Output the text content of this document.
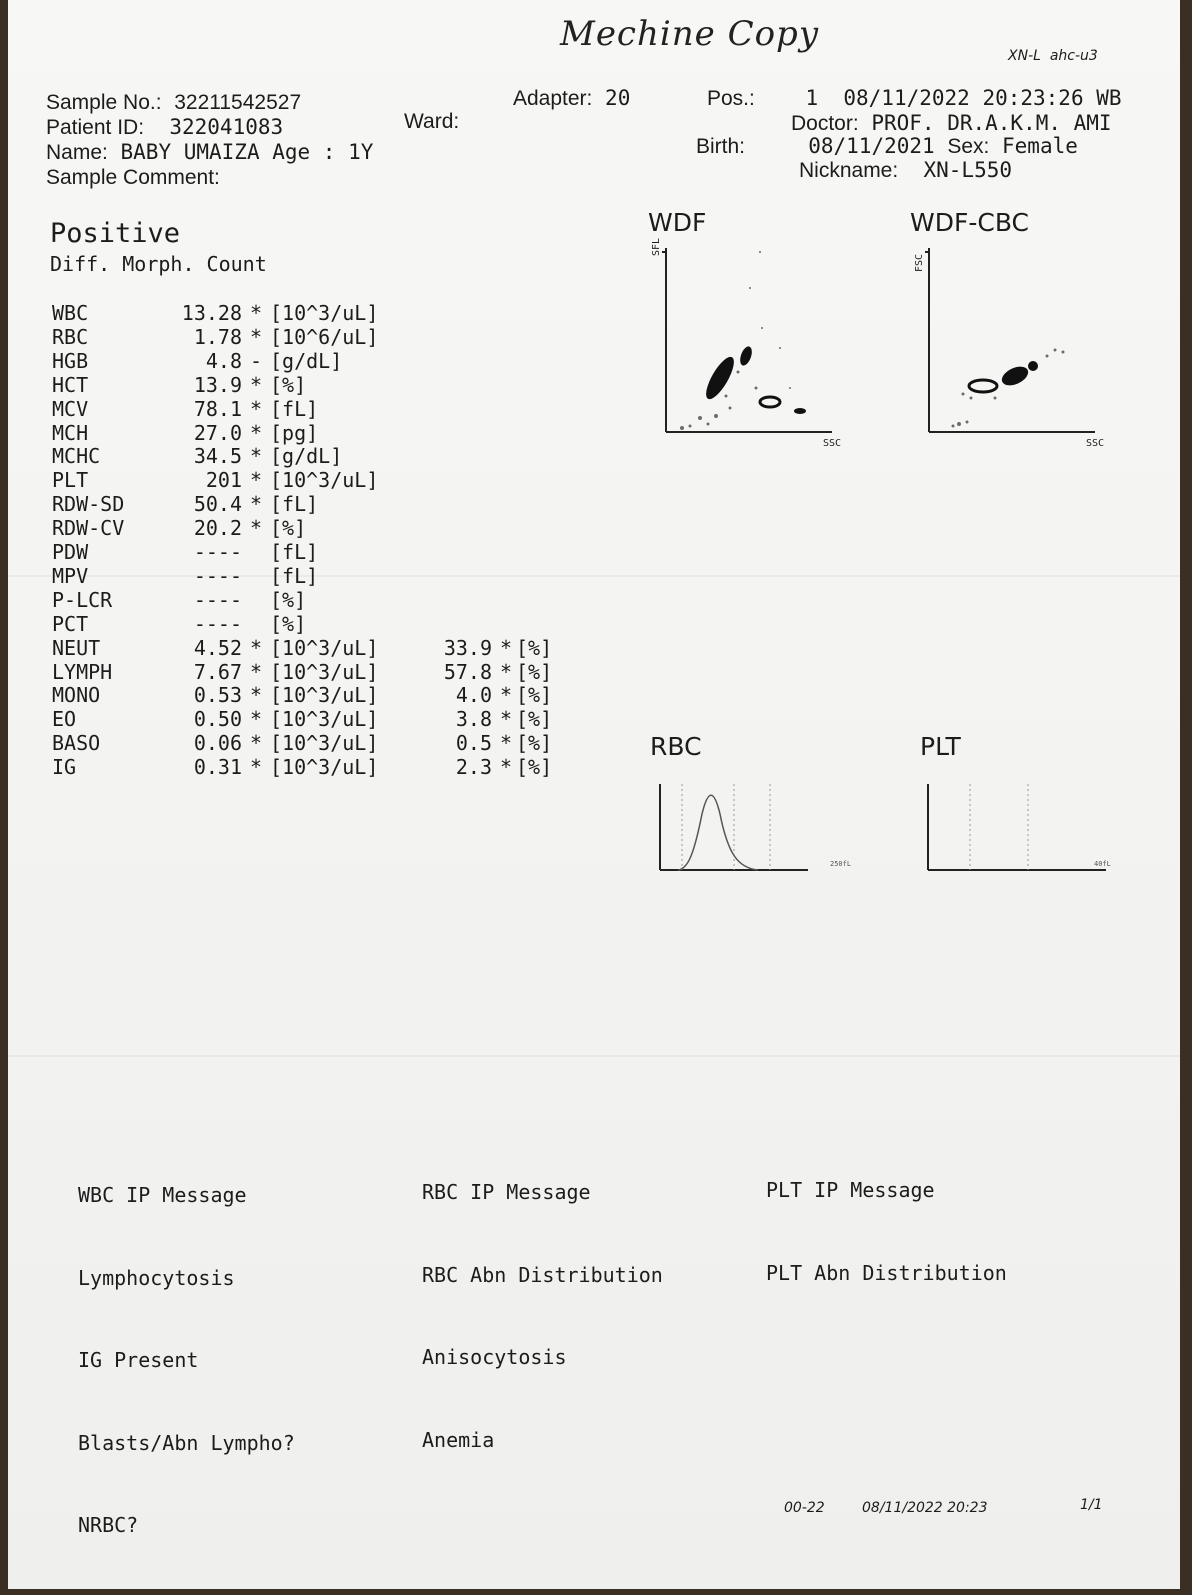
Mechine Copy
XN-L  ahc-u3
Sample No.: 32211542527
Patient ID: 322041083
Name: BABY UMAIZA Age : 1Y
Sample Comment:
Adapter: 20
Ward:
Pos.: 1  08/11/2022 20:23:26 WB
Doctor: PROF. DR.A.K.M. AMI
Birth:	08/11/2021 Sex: Female
Nickname: XN-L550
Positive
Diff. Morph. Count
WBC	13.28 * [10^3/uL]
RBC	1.78 * [10^6/uL]
HGB	4.8 - [g/dL]
HCT	13.9 * [%]
MCV	78.1 * [fL]
MCH	27.0 * [pg]
MCHC	34.5 * [g/dL]
PLT	201 * [10^3/uL]
RDW-SD	50.4 * [fL]
RDW-CV	20.2 * [%]
PDW	---- [fL]
MPV	---- [fL]
P-LCR	---- [%]
PCT	---- [%]
NEUT	4.52 * [10^3/uL]	33.9 * [%]
LYMPH	7.67 * [10^3/uL]	57.8 * [%]
MONO	0.53 * [10^3/uL]	4.0 * [%]
EO	0.50 * [10^3/uL]	3.8 * [%]
BASO	0.06 * [10^3/uL]	0.5 * [%]
IG	0.31 * [10^3/uL]	2.3 * [%]
WDF
SFL
SSC
WDF-CBC
FSC
SSC
RBC
250fL
PLT
40fL

WBC IP Message

Lymphocytosis

IG Present

Blasts/Abn Lympho?

NRBC?

RBC IP Message

RBC Abn Distribution

Anisocytosis

Anemia

PLT IP Message

PLT Abn Distribution

00-22	08/11/2022 20:23	1/1
